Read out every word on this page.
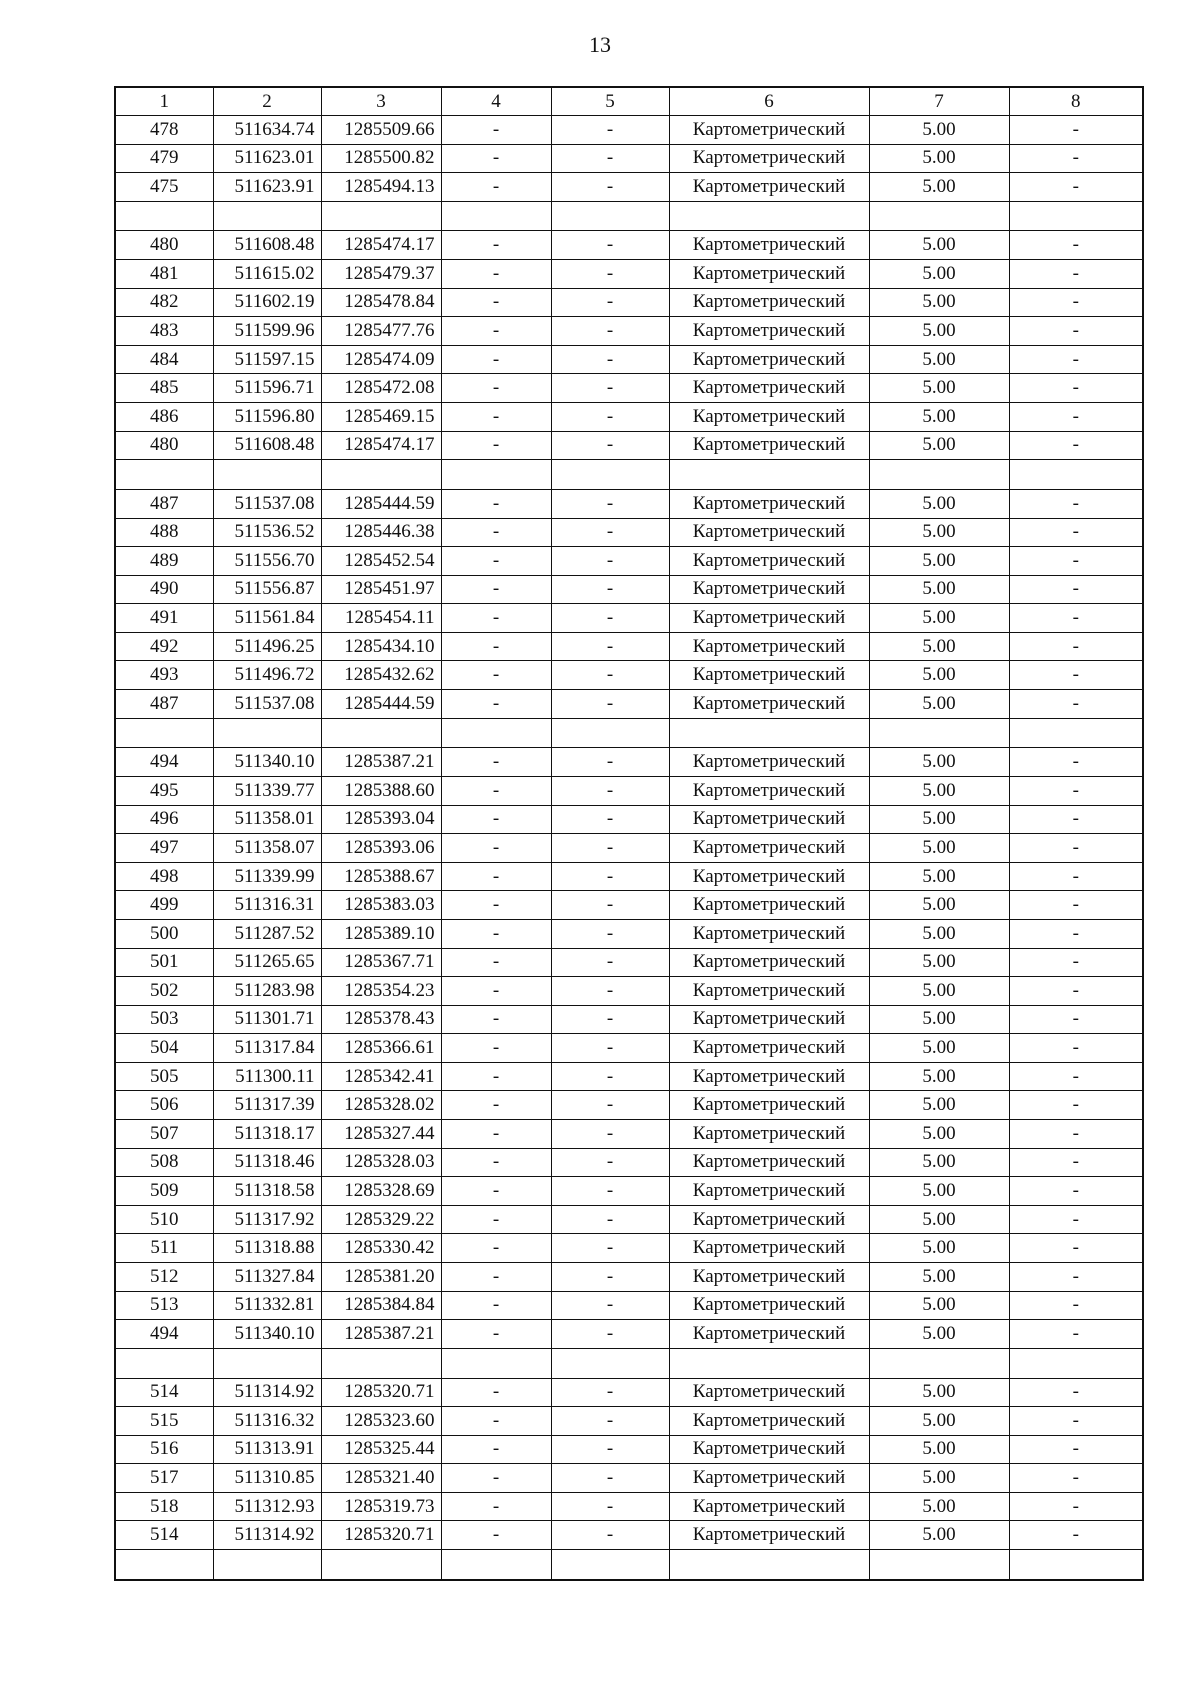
13
1	2	3	4	5	6	7	8
478	511634.74	1285509.66	-	-	Картометрический	5.00	-
479	511623.01	1285500.82	-	-	Картометрический	5.00	-
475	511623.91	1285494.13	-	-	Картометрический	5.00	-

480	511608.48	1285474.17	-	-	Картометрический	5.00	-
481	511615.02	1285479.37	-	-	Картометрический	5.00	-
482	511602.19	1285478.84	-	-	Картометрический	5.00	-
483	511599.96	1285477.76	-	-	Картометрический	5.00	-
484	511597.15	1285474.09	-	-	Картометрический	5.00	-
485	511596.71	1285472.08	-	-	Картометрический	5.00	-
486	511596.80	1285469.15	-	-	Картометрический	5.00	-
480	511608.48	1285474.17	-	-	Картометрический	5.00	-

487	511537.08	1285444.59	-	-	Картометрический	5.00	-
488	511536.52	1285446.38	-	-	Картометрический	5.00	-
489	511556.70	1285452.54	-	-	Картометрический	5.00	-
490	511556.87	1285451.97	-	-	Картометрический	5.00	-
491	511561.84	1285454.11	-	-	Картометрический	5.00	-
492	511496.25	1285434.10	-	-	Картометрический	5.00	-
493	511496.72	1285432.62	-	-	Картометрический	5.00	-
487	511537.08	1285444.59	-	-	Картометрический	5.00	-

494	511340.10	1285387.21	-	-	Картометрический	5.00	-
495	511339.77	1285388.60	-	-	Картометрический	5.00	-
496	511358.01	1285393.04	-	-	Картометрический	5.00	-
497	511358.07	1285393.06	-	-	Картометрический	5.00	-
498	511339.99	1285388.67	-	-	Картометрический	5.00	-
499	511316.31	1285383.03	-	-	Картометрический	5.00	-
500	511287.52	1285389.10	-	-	Картометрический	5.00	-
501	511265.65	1285367.71	-	-	Картометрический	5.00	-
502	511283.98	1285354.23	-	-	Картометрический	5.00	-
503	511301.71	1285378.43	-	-	Картометрический	5.00	-
504	511317.84	1285366.61	-	-	Картометрический	5.00	-
505	511300.11	1285342.41	-	-	Картометрический	5.00	-
506	511317.39	1285328.02	-	-	Картометрический	5.00	-
507	511318.17	1285327.44	-	-	Картометрический	5.00	-
508	511318.46	1285328.03	-	-	Картометрический	5.00	-
509	511318.58	1285328.69	-	-	Картометрический	5.00	-
510	511317.92	1285329.22	-	-	Картометрический	5.00	-
511	511318.88	1285330.42	-	-	Картометрический	5.00	-
512	511327.84	1285381.20	-	-	Картометрический	5.00	-
513	511332.81	1285384.84	-	-	Картометрический	5.00	-
494	511340.10	1285387.21	-	-	Картометрический	5.00	-

514	511314.92	1285320.71	-	-	Картометрический	5.00	-
515	511316.32	1285323.60	-	-	Картометрический	5.00	-
516	511313.91	1285325.44	-	-	Картометрический	5.00	-
517	511310.85	1285321.40	-	-	Картометрический	5.00	-
518	511312.93	1285319.73	-	-	Картометрический	5.00	-
514	511314.92	1285320.71	-	-	Картометрический	5.00	-
